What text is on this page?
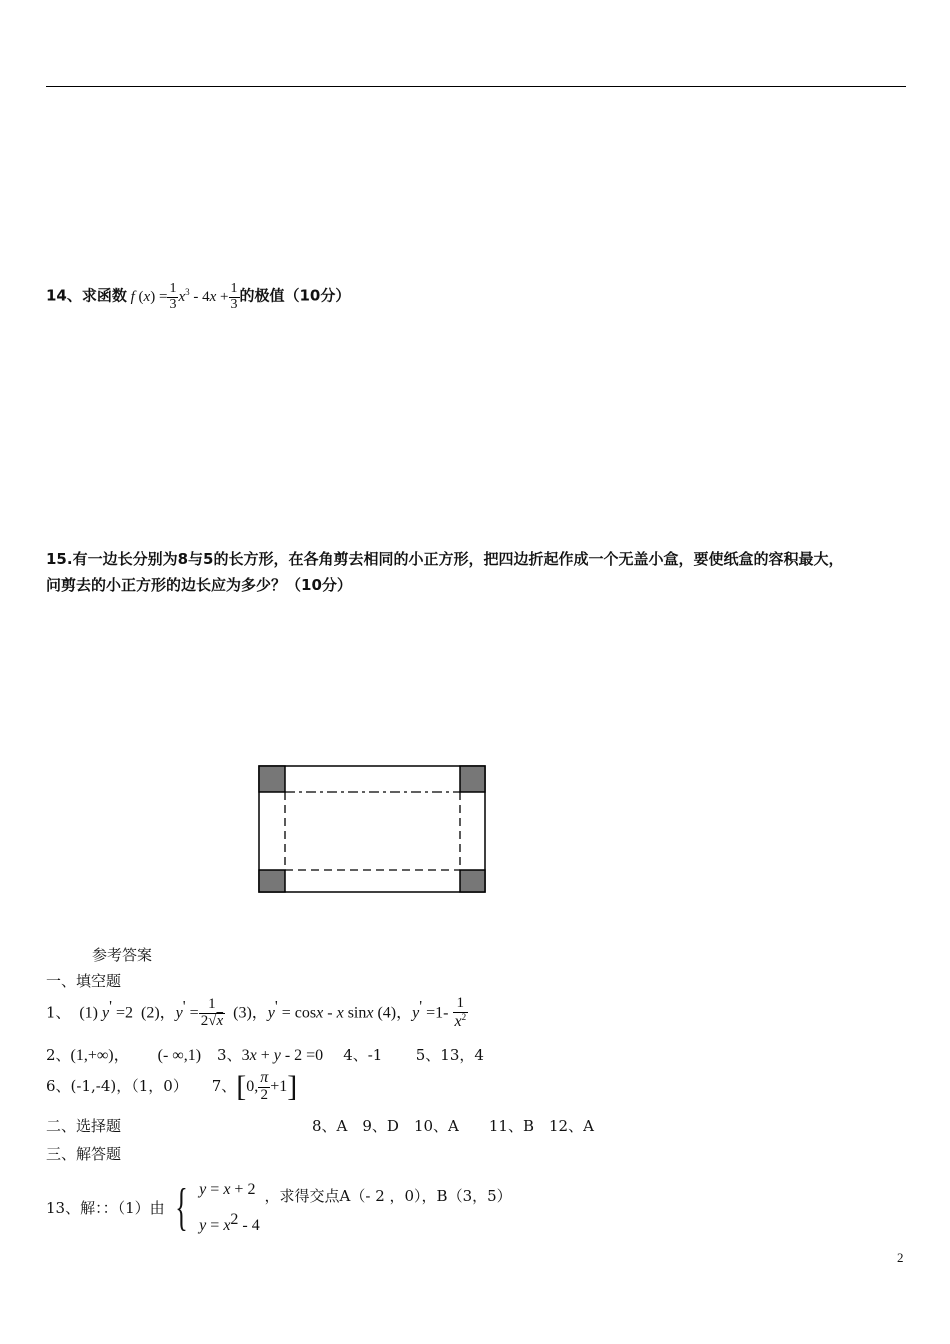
14、求函数 f $(x) = \frac{1}{3} x^3 - 4x + \frac{1}{3}$ 的极值（10分）
15.有一边长分别为8与5的长方形，在各角剪去相同的小正方形，把四边折起作成一个无盖小盒，要使纸盒的容积最大，
问剪去的小正方形的边长应为多少？（10分）
参考答案
一、填空题
1、  (1) y' =2  (2)，$y' = \frac{1}{2√x} (3)$，y' = cosx - x sinx (4)，$y' =1- \frac{1}{x^2}$
2、(1,+∞)，       (- ∞,1)    3、3x + y - 2 =0     4、-1 5、13，4
6、(-1,-4)，（1，0） 7、[0, $\frac{\pi}{2} +1$]
二、选择题	8、A　9、D　10、A　　11、B　12、A
三、解答题
13、解：：（1）由 { y = x + 2
$y = x^2 - 4$
，求得交点A（- 2 ，0），B（3，5）
2
